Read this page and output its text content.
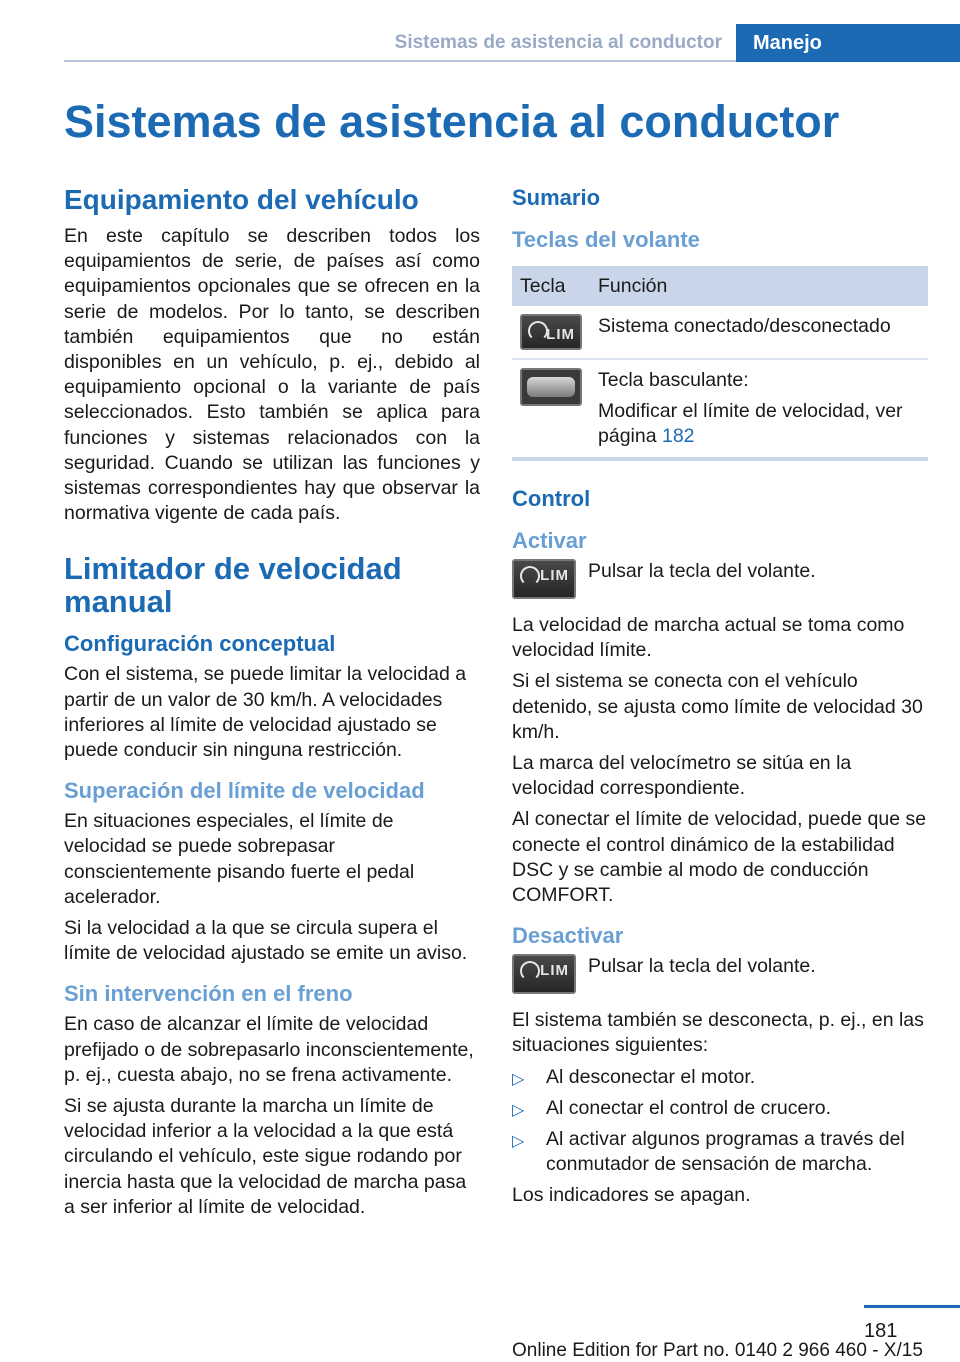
Sistemas de asistencia al conductor	Manejo
Sistemas de asistencia al conductor
Equipamiento del vehículo

En este capítulo se describen todos los equipamientos de serie, de países así como equipamientos opcionales que se ofrecen en la serie de modelos. Por lo tanto, se describen también equipamientos que no están disponibles en un vehículo, p. ej., debido al equipamiento opcional o la variante de país seleccionados. Esto también se aplica para funciones y sistemas relacionados con la seguridad. Cuando se utilizan las funciones y sistemas correspondientes hay que observar la normativa vigente de cada país.

Limitador de velocidad manual
Configuración conceptual

Con el sistema, se puede limitar la velocidad a partir de un valor de 30 km/h. A velocidades inferiores al límite de velocidad ajustado se puede conducir sin ninguna restricción.

Superación del límite de velocidad

En situaciones especiales, el límite de velocidad se puede sobrepasar conscientemente pisando fuerte el pedal acelerador.

Si la velocidad a la que se circula supera el límite de velocidad ajustado se emite un aviso.

Sin intervención en el freno

En caso de alcanzar el límite de velocidad prefijado o de sobrepasarlo inconscientemente, p. ej., cuesta abajo, no se frena activamente.

Si se ajusta durante la marcha un límite de velocidad inferior a la velocidad a la que está circulando el vehículo, este sigue rodando por inercia hasta que la velocidad de marcha pasa a ser inferior al límite de velocidad.

Sumario
Teclas del volante
Tecla	Función

LIM	Sistema conectado/desconectado

	Tecla basculante:
Modificar el límite de velocidad, ver página 182
Control
Activar
LIM Pulsar la tecla del volante.

La velocidad de marcha actual se toma como velocidad límite.

Si el sistema se conecta con el vehículo detenido, se ajusta como límite de velocidad 30 km/h.

La marca del velocímetro se sitúa en la velocidad correspondiente.

Al conectar el límite de velocidad, puede que se conecte el control dinámico de la estabilidad DSC y se cambie al modo de conducción COMFORT.

Desactivar
LIM Pulsar la tecla del volante.

El sistema también se desconecta, p. ej., en las situaciones siguientes:

▷ Al desconectar el motor.
▷ Al conectar el control de crucero.
▷ Al activar algunos programas a través del conmutador de sensación de marcha.

Los indicadores se apagan.

181
Online Edition for Part no. 0140 2 966 460 - X/15
